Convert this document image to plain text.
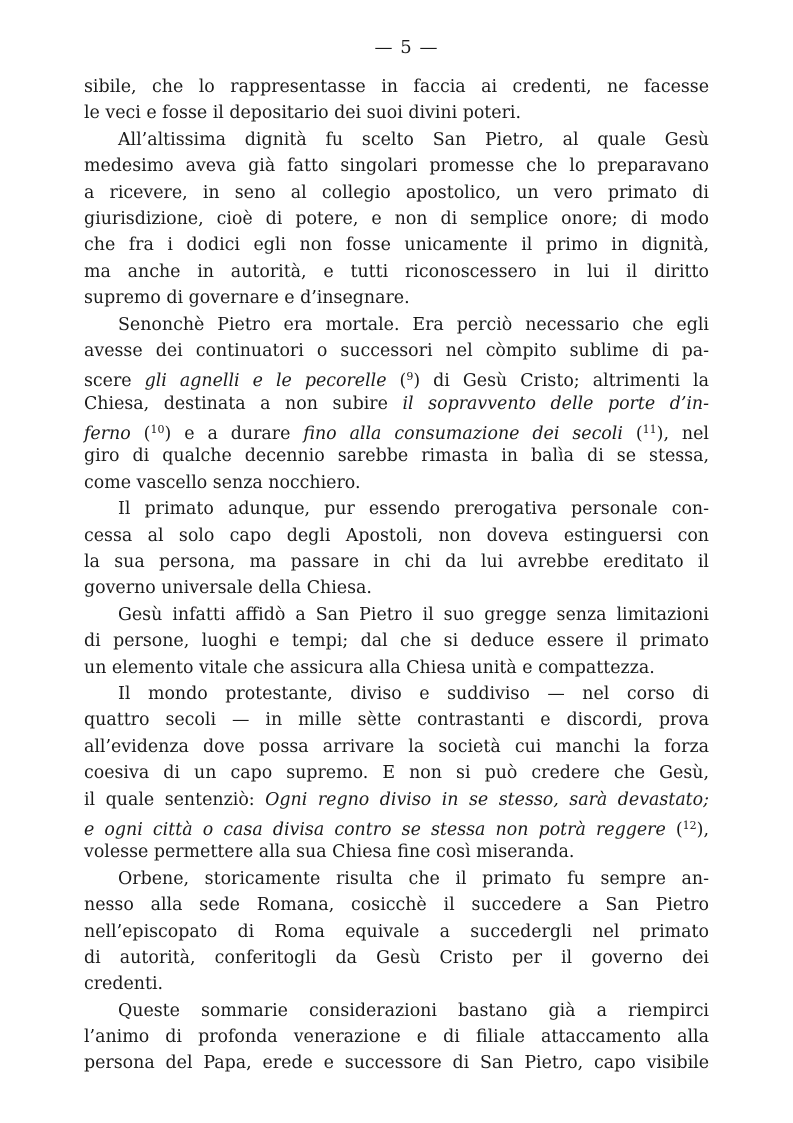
— 5 —
sibile, che lo rappresentasse in faccia ai credenti, ne facesse
le veci e fosse il depositario dei suoi divini poteri.
All’altissima dignità fu scelto San Pietro, al quale Gesù
medesimo aveva già fatto singolari promesse che lo preparavano
a ricevere, in seno al collegio apostolico, un vero primato di
giurisdizione, cioè di potere, e non di semplice onore; di modo
che fra i dodici egli non fosse unicamente il primo in dignità,
ma anche in autorità, e tutti riconoscessero in lui il diritto
supremo di governare e d’insegnare.
Senonchè Pietro era mortale. Era perciò necessario che egli
avesse dei continuatori o successori nel còmpito sublime di pa-
scere gli agnelli e le pecorelle ($^9$) di Gesù Cristo; altrimenti la
Chiesa, destinata a non subire il sopravvento delle porte d’in-
ferno ($^{10}$) e a durare fino alla consumazione dei secoli ($^{11}$), nel
giro di qualche decennio sarebbe rimasta in balìa di se stessa,
come vascello senza nocchiero.
Il primato adunque, pur essendo prerogativa personale con-
cessa al solo capo degli Apostoli, non doveva estinguersi con
la sua persona, ma passare in chi da lui avrebbe ereditato il
governo universale della Chiesa.
Gesù infatti affidò a San Pietro il suo gregge senza limitazioni
di persone, luoghi e tempi; dal che si deduce essere il primato
un elemento vitale che assicura alla Chiesa unità e compattezza.
Il mondo protestante, diviso e suddiviso — nel corso di
quattro secoli — in mille sètte contrastanti e discordi, prova
all’evidenza dove possa arrivare la società cui manchi la forza
coesiva di un capo supremo. E non si può credere che Gesù,
il quale sentenziò: Ogni regno diviso in se stesso, sarà devastato;
e ogni città o casa divisa contro se stessa non potrà reggere ($^{12}$),
volesse permettere alla sua Chiesa fine così miseranda.
Orbene, storicamente risulta che il primato fu sempre an-
nesso alla sede Romana, cosicchè il succedere a San Pietro
nell’episcopato di Roma equivale a succedergli nel primato
di autorità, conferitogli da Gesù Cristo per il governo dei
credenti.
Queste sommarie considerazioni bastano già a riempirci
l’animo di profonda venerazione e di filiale attaccamento alla
persona del Papa, erede e successore di San Pietro, capo visibile
